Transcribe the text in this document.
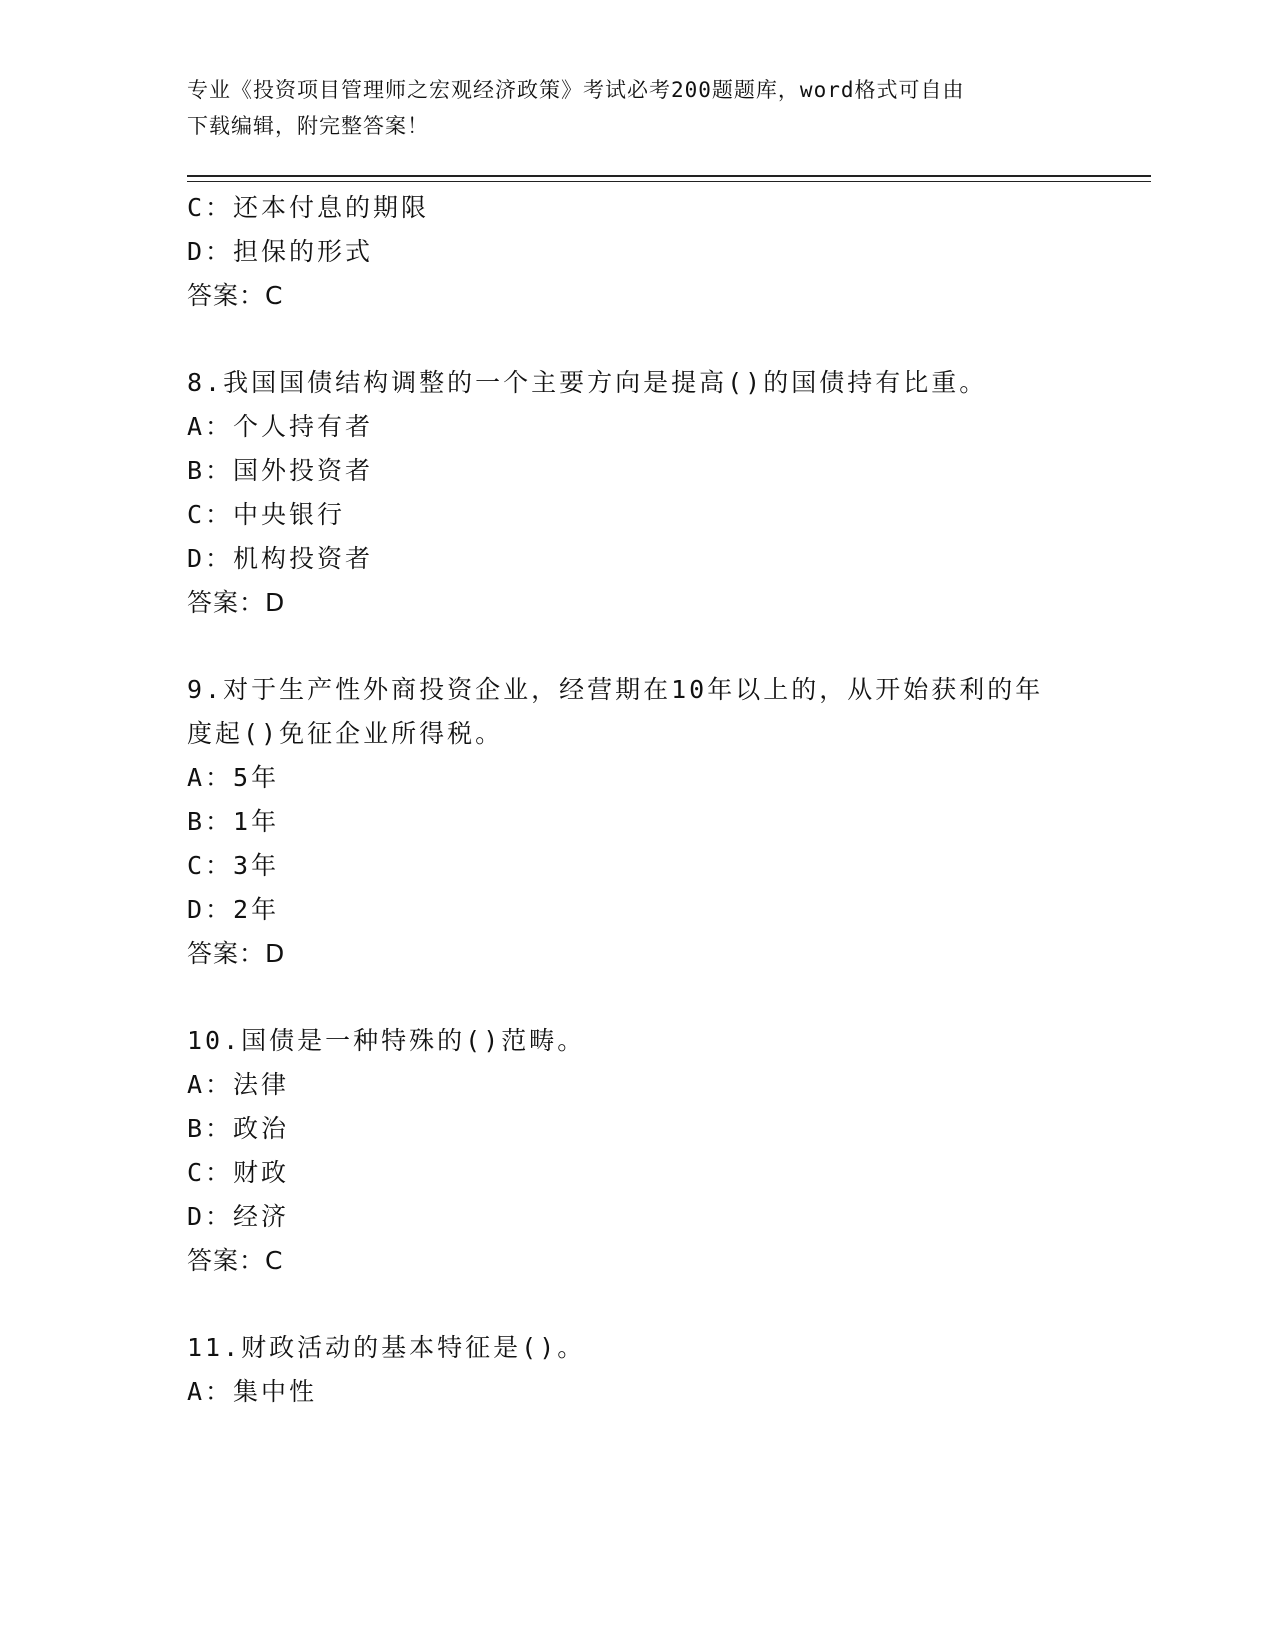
专业《投资项目管理师之宏观经济政策》考试必考200题题库，word格式可自由
下载编辑，附完整答案！
C：还本付息的期限
D：担保的形式
答案：C
8.我国国债结构调整的一个主要方向是提高()的国债持有比重。
A：个人持有者
B：国外投资者
C：中央银行
D：机构投资者
答案：D
9.对于生产性外商投资企业，经营期在10年以上的，从开始获利的年
度起()免征企业所得税。
A：5年
B：1年
C：3年
D：2年
答案：D
10.国债是一种特殊的()范畴。
A：法律
B：政治
C：财政
D：经济
答案：C
11.财政活动的基本特征是()。
A：集中性
